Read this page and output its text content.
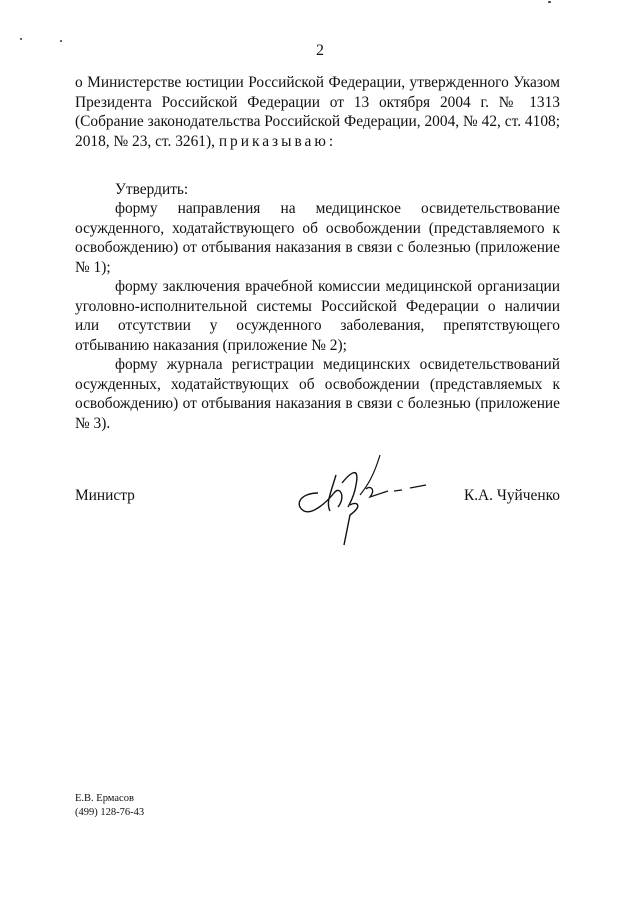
2

о Министерстве юстиции Российской Федерации, утвержденного Указом Президента Российской Федерации от 13 октября 2004 г. № 1313 (Собрание законодательства Российской Федерации, 2004, № 42, ст. 4108; 2018, № 23, ст. 3261), приказываю:

Утвердить:

форму направления на медицинское освидетельствование осужденного, ходатайствующего об освобождении (представляемого к освобождению) от отбывания наказания в связи с болезнью (приложение № 1);

форму заключения врачебной комиссии медицинской организации уголовно-исполнительной системы Российской Федерации о наличии или отсутствии у осужденного заболевания, препятствующего отбыванию наказания (приложение № 2);

форму журнала регистрации медицинских освидетельствований осужденных, ходатайствующих об освобождении (представляемых к освобождению) от отбывания наказания в связи с болезнью (приложение № 3).

Министр	К.А. Чуйченко
Е.В. Ермасов
(499) 128-76-43
